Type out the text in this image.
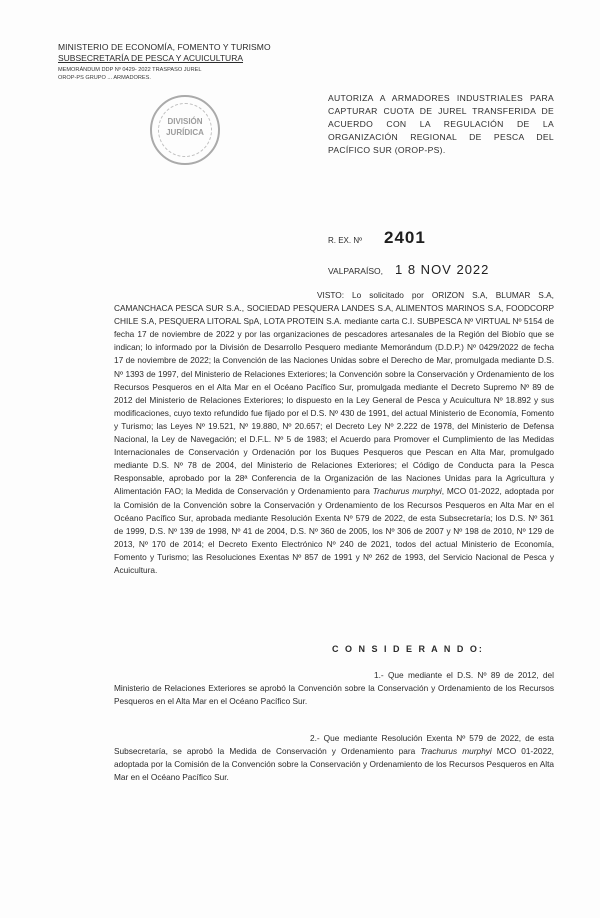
MINISTERIO DE ECONOMÍA, FOMENTO Y TURISMO
SUBSECRETARÍA DE PESCA Y ACUICULTURA
MEMORÁNDUM DDP Nº 0429- 2022 TRASPASO JUREL
OROP-PS GRUPO ... ARMADORES.
DIVISIÓN
JURÍDICA
AUTORIZA A ARMADORES INDUSTRIALES PARA CAPTURAR CUOTA DE JUREL TRANSFERIDA DE ACUERDO CON LA REGULACIÓN DE LA ORGANIZACIÓN REGIONAL DE PESCA DEL PACÍFICO SUR (OROP-PS).
R. EX. Nº 2401
VALPARAÍSO, 1 8 NOV 2022
VISTO: Lo solicitado por ORIZON S.A, BLUMAR S.A, CAMANCHACA PESCA SUR S.A., SOCIEDAD PESQUERA LANDES S.A, ALIMENTOS MARINOS S.A, FOODCORP CHILE S.A, PESQUERA LITORAL SpA, LOTA PROTEIN S.A. mediante carta C.I. SUBPESCA Nº VIRTUAL Nº 5154 de fecha 17 de noviembre de 2022 y por las organizaciones de pescadores artesanales de la Región del Biobío que se indican; lo informado por la División de Desarrollo Pesquero mediante Memorándum (D.D.P.) Nº 0429/2022 de fecha 17 de noviembre de 2022; la Convención de las Naciones Unidas sobre el Derecho de Mar, promulgada mediante D.S. Nº 1393 de 1997, del Ministerio de Relaciones Exteriores; la Convención sobre la Conservación y Ordenamiento de los Recursos Pesqueros en el Alta Mar en el Océano Pacífico Sur, promulgada mediante el Decreto Supremo Nº 89 de 2012 del Ministerio de Relaciones Exteriores; lo dispuesto en la Ley General de Pesca y Acuicultura Nº 18.892 y sus modificaciones, cuyo texto refundido fue fijado por el D.S. Nº 430 de 1991, del actual Ministerio de Economía, Fomento y Turismo; las Leyes Nº 19.521, Nº 19.880, Nº 20.657; el Decreto Ley Nº 2.222 de 1978, del Ministerio de Defensa Nacional, la Ley de Navegación; el D.F.L. Nº 5 de 1983; el Acuerdo para Promover el Cumplimiento de las Medidas Internacionales de Conservación y Ordenación por los Buques Pesqueros que Pescan en Alta Mar, promulgado mediante D.S. Nº 78 de 2004, del Ministerio de Relaciones Exteriores; el Código de Conducta para la Pesca Responsable, aprobado por la 28ª Conferencia de la Organización de las Naciones Unidas para la Agricultura y Alimentación FAO; la Medida de Conservación y Ordenamiento para Trachurus murphyi, MCO 01-2022, adoptada por la Comisión de la Convención sobre la Conservación y Ordenamiento de los Recursos Pesqueros en Alta Mar en el Océano Pacífico Sur, aprobada mediante Resolución Exenta Nº 579 de 2022, de esta Subsecretaría; los D.S. Nº 361 de 1999, D.S. Nº 139 de 1998, Nº 41 de 2004, D.S. Nº 360 de 2005, los Nº 306 de 2007 y Nº 198 de 2010, Nº 129 de 2013, Nº 170 de 2014; el Decreto Exento Electrónico Nº 240 de 2021, todos del actual Ministerio de Economía, Fomento y Turismo; las Resoluciones Exentas Nº 857 de 1991 y Nº 262 de 1993, del Servicio Nacional de Pesca y Acuicultura.
C O N S I D E R A N D O:
1.- Que mediante el D.S. Nº 89 de 2012, del Ministerio de Relaciones Exteriores se aprobó la Convención sobre la Conservación y Ordenamiento de los Recursos Pesqueros en el Alta Mar en el Océano Pacífico Sur.
2.- Que mediante Resolución Exenta Nº 579 de 2022, de esta Subsecretaría, se aprobó la Medida de Conservación y Ordenamiento para Trachurus murphyi MCO 01-2022, adoptada por la Comisión de la Convención sobre la Conservación y Ordenamiento de los Recursos Pesqueros en Alta Mar en el Océano Pacífico Sur.
